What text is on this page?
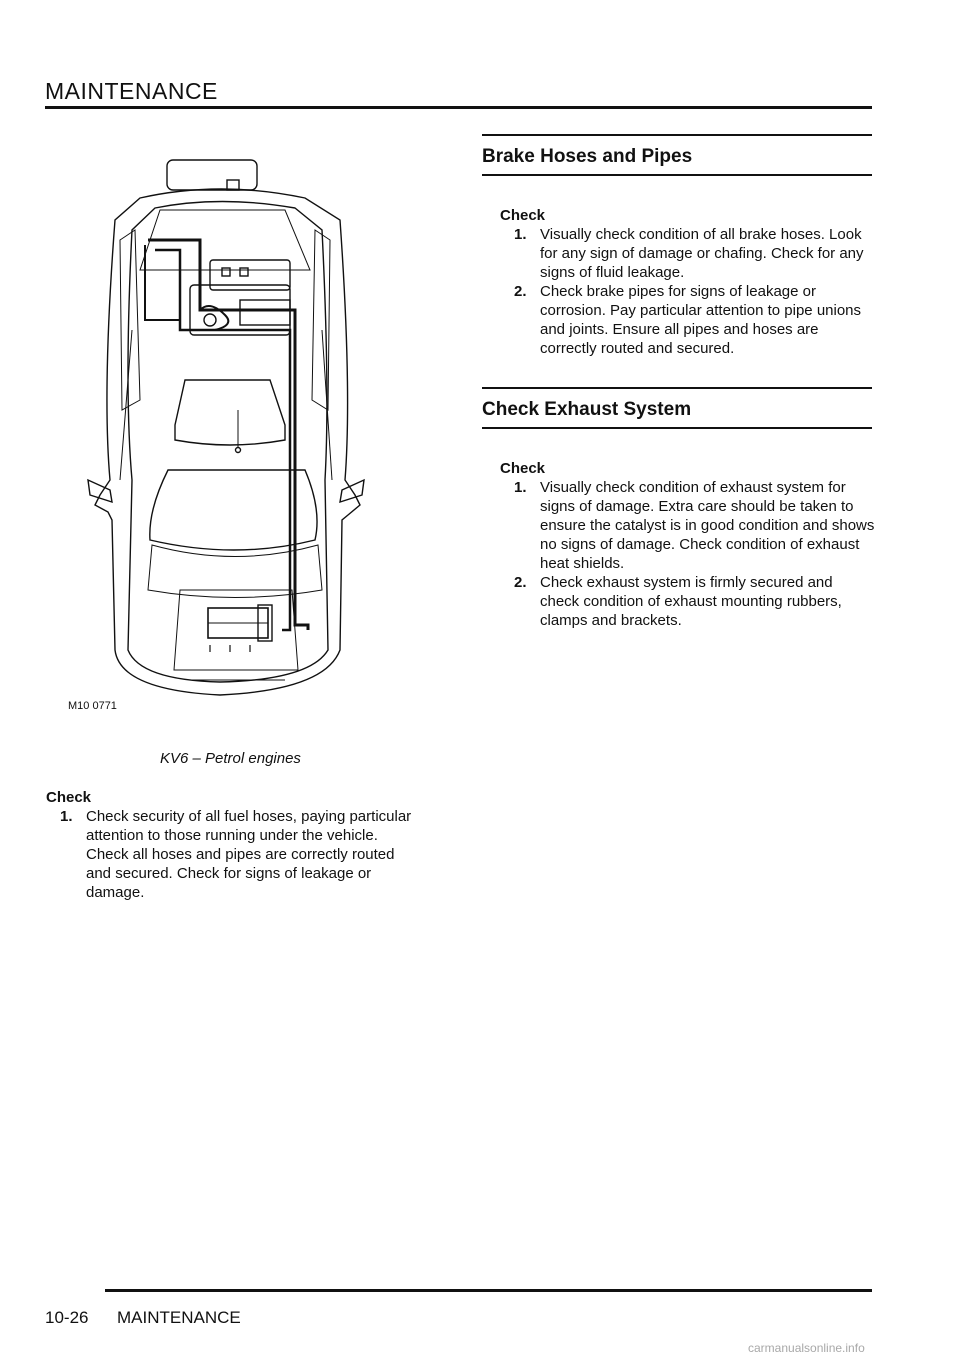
MAINTENANCE
M10 0771
KV6 – Petrol engines
Check
1. Check security of all fuel hoses, paying particular attention to those running under the vehicle. Check all hoses and pipes are correctly routed and secured. Check for signs of leakage or damage.
Brake Hoses and Pipes
Check
1. Visually check condition of all brake hoses. Look for any sign of damage or chafing. Check for any signs of fluid leakage.
2. Check brake pipes for signs of leakage or corrosion. Pay particular attention to pipe unions and joints. Ensure all pipes and hoses are correctly routed and secured.
Check Exhaust System
Check
1. Visually check condition of exhaust system for signs of damage. Extra care should be taken to ensure the catalyst is in good condition and shows no signs of damage. Check condition of exhaust heat shields.
2. Check exhaust system is firmly secured and check condition of exhaust mounting rubbers, clamps and brackets.
10-26 MAINTENANCE
carmanualsonline.info
